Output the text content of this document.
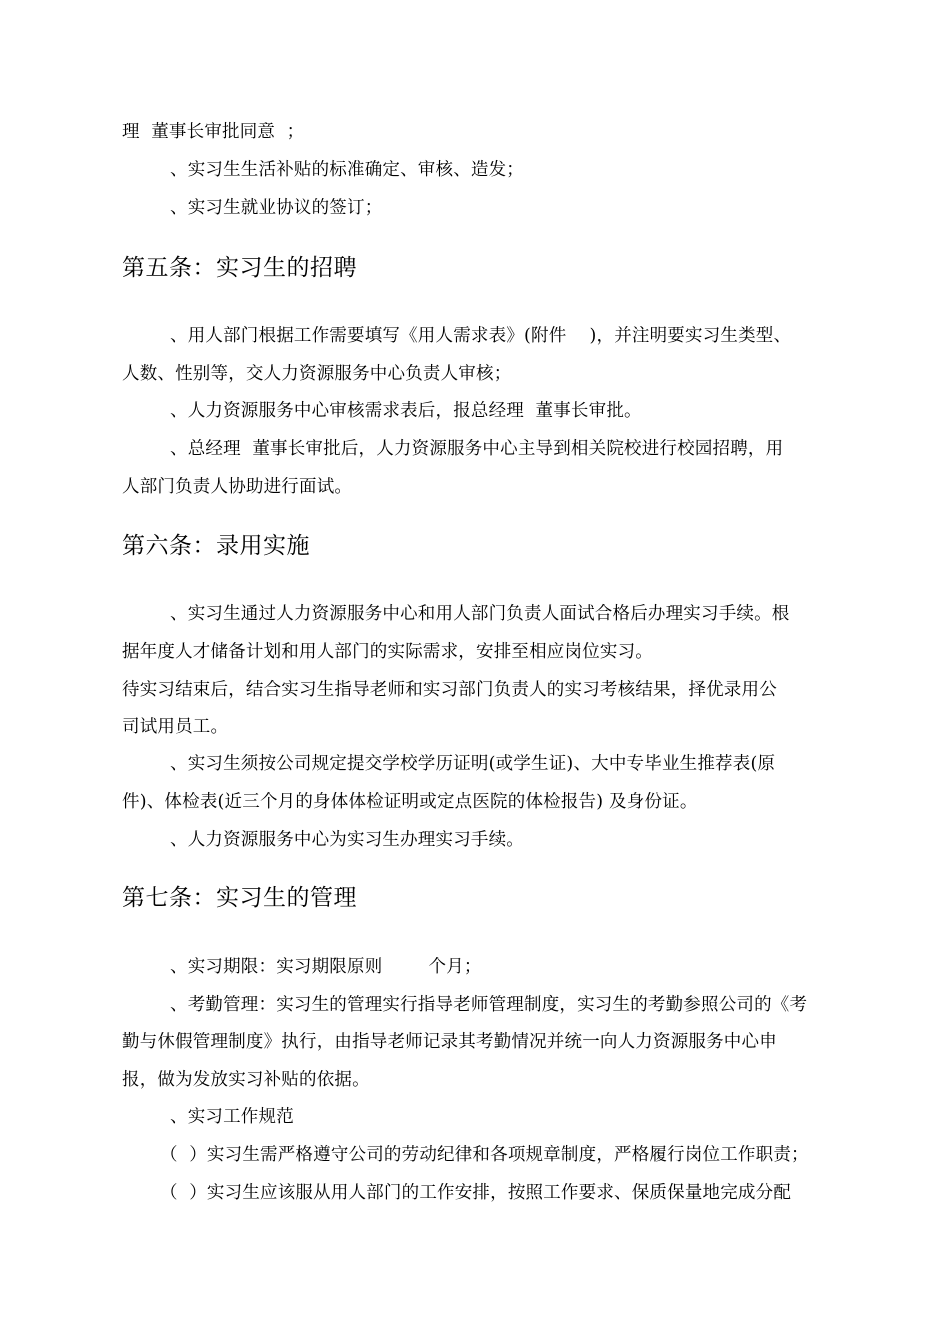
理  董事长审批同意  ；
、实习生生活补贴的标准确定、审核、造发；
、实习生就业协议的签订；
第五条：实习生的招聘
、用人部门根据工作需要填写《用人需求表》(附件    )，并注明要实习生类型、
人数、性别等，交人力资源服务中心负责人审核；
、人力资源服务中心审核需求表后，报总经理  董事长审批。
、总经理  董事长审批后，人力资源服务中心主导到相关院校进行校园招聘，用
人部门负责人协助进行面试。
第六条：录用实施
、实习生通过人力资源服务中心和用人部门负责人面试合格后办理实习手续。根
据年度人才储备计划和用人部门的实际需求，安排至相应岗位实习。
待实习结束后，结合实习生指导老师和实习部门负责人的实习考核结果，择优录用公
司试用员工。
、实习生须按公司规定提交学校学历证明(或学生证)、大中专毕业生推荐表(原
件)、体检表(近三个月的身体体检证明或定点医院的体检报告) 及身份证。
、人力资源服务中心为实习生办理实习手续。
第七条：实习生的管理
、实习期限：实习期限原则        个月；
、考勤管理：实习生的管理实行指导老师管理制度，实习生的考勤参照公司的《考
勤与休假管理制度》执行，由指导老师记录其考勤情况并统一向人力资源服务中心申
报，做为发放实习补贴的依据。
、实习工作规范
（  ）实习生需严格遵守公司的劳动纪律和各项规章制度，严格履行岗位工作职责；
（  ）实习生应该服从用人部门的工作安排，按照工作要求、保质保量地完成分配
